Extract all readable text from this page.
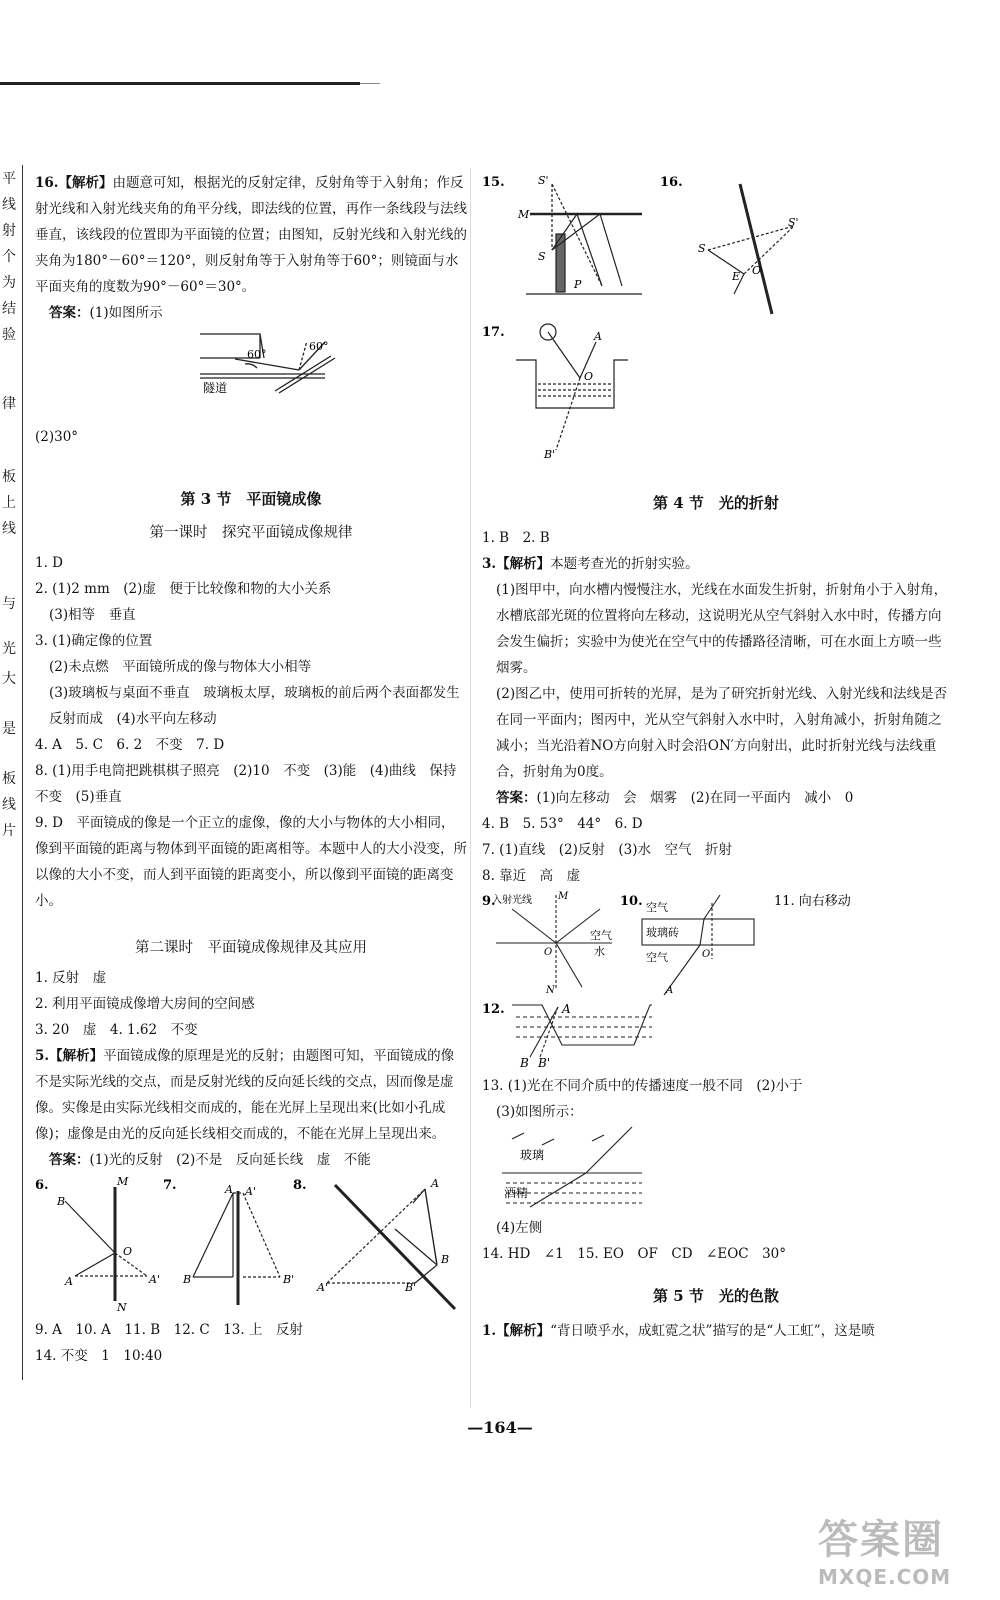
平
线
射
个
为
结
验
律
板
上
线
与
光
大
是
板
线
片

16.【解析】由题意可知，根据光的反射定律，反射角等于入射角；作反射光线和入射光线夹角的角平分线，即法线的位置，再作一条线段与法线垂直，该线段的位置即为平面镜的位置；由图知，反射光线和入射光线的夹角为180°－60°＝120°，则反射角等于入射角等于60°；则镜面与水平面夹角的度数为90°－60°＝30°。

答案：(1)如图所示

60°
60°
隧道

(2)30°

第 3 节　平面镜成像
第一课时　探究平面镜成像规律

1. D

2. (1)2 mm　(2)虚　便于比较像和物的大小关系

(3)相等　垂直

3. (1)确定像的位置

(2)未点燃　平面镜所成的像与物体大小相等

(3)玻璃板与桌面不垂直　玻璃板太厚，玻璃板的前后两个表面都发生反射而成　(4)水平向左移动

4. A　5. C　6. 2　不变　7. D

8. (1)用手电筒把跳棋棋子照亮　(2)10　不变　(3)能　(4)曲线　保持不变　(5)垂直

9. D　平面镜成的像是一个正立的虚像，像的大小与物体的大小相同，像到平面镜的距离与物体到平面镜的距离相等。本题中人的大小没变，所以像的大小不变，而人到平面镜的距离变小，所以像到平面镜的距离变小。

第二课时　平面镜成像规律及其应用

1. 反射　虚

2. 利用平面镜成像增大房间的空间感

3. 20　虚　4. 1.62　不变

5.【解析】平面镜成像的原理是光的反射；由题图可知，平面镜成的像不是实际光线的交点，而是反射光线的反向延长线的交点，因而像是虚像。实像是由实际光线相交而成的，能在光屏上呈现出来(比如小孔成像)；虚像是由光的反向延长线相交而成的，不能在光屏上呈现出来。

答案：(1)光的反射　(2)不是　反向延长线　虚　不能

6.	7.	8.
M
B
O
A	A'
N
A A'
B	B'
A
B
B'
A'

9. A　10. A　11. B　12. C　13. 上　反射

14. 不变　1　10:40

15.	16.
S'
M
S
P
S'
S
E O
17.	A
O
B'
第 4 节　光的折射

1. B　2. B

3.【解析】本题考查光的折射实验。

(1)图甲中，向水槽内慢慢注水，光线在水面发生折射，折射角小于入射角，水槽底部光斑的位置将向左移动，这说明光从空气斜射入水中时，传播方向会发生偏折；实验中为使光在空气中的传播路径清晰，可在水面上方喷一些烟雾。

(2)图乙中，使用可折转的光屏，是为了研究折射光线、入射光线和法线是否在同一平面内；图丙中，光从空气斜射入水中时，入射角减小，折射角随之减小；当光沿着NO方向射入时会沿ON′方向射出，此时折射光线与法线重合，折射角为0度。

答案：(1)向左移动　会　烟雾　(2)在同一平面内　减小　0

4. B　5. 53°　44°　6. D

7. (1)直线　(2)反射　(3)水　空气　折射

8. 靠近　高　虚

9.
入射光线	M
空气
O	水
N
10. 空气
玻璃砖
空气	O
A
11. 向右移动
12.	A
B B'

13. (1)光在不同介质中的传播速度一般不同　(2)小于

(3)如图所示：

玻璃
酒精

(4)左侧

14. HD　∠1　15. EO　OF　CD　∠EOC　30°

第 5 节　光的色散

1.【解析】“背日喷乎水，成虹霓之状”描写的是“人工虹”，这是喷

—164—
答案圈
MXQE.COM
